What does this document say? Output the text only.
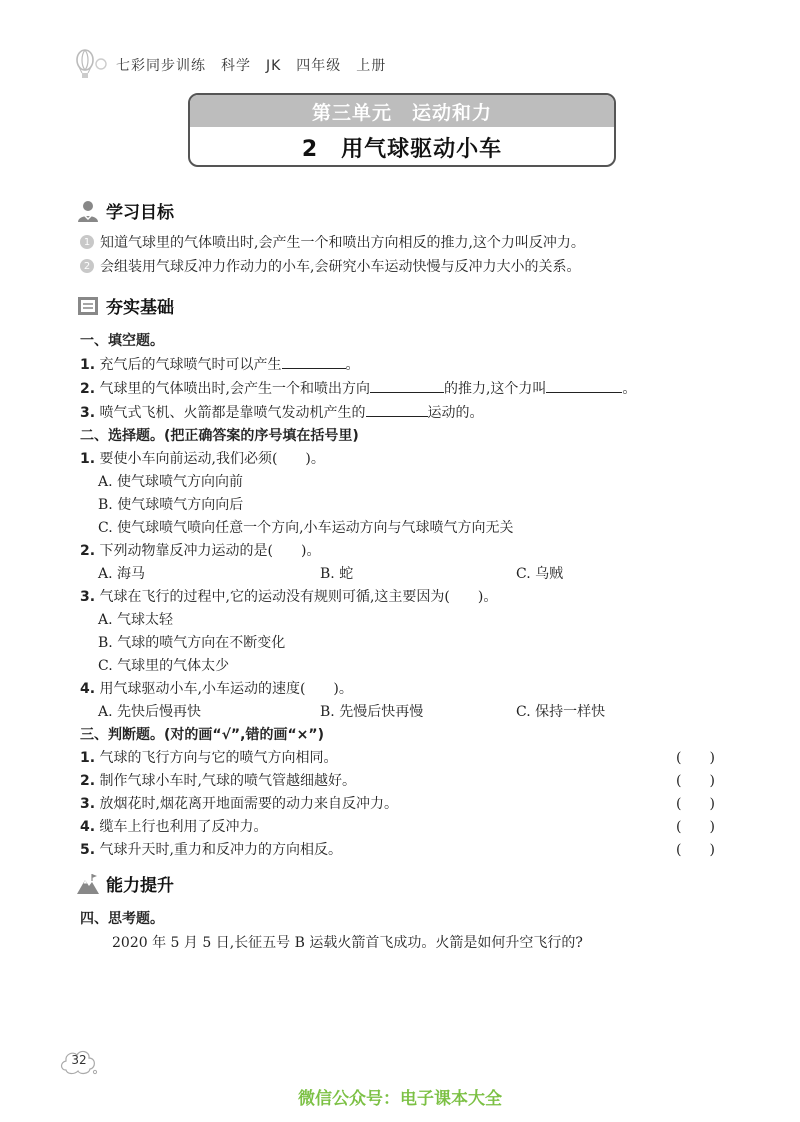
七彩同步训练　科学　JK　四年级　上册
第三单元　运动和力
2　用气球驱动小车
学习目标
1 知道气球里的气体喷出时,会产生一个和喷出方向相反的推力,这个力叫反冲力。
2 会组装用气球反冲力作动力的小车,会研究小车运动快慢与反冲力大小的关系。
夯实基础
一、填空题。
1. 充气后的气球喷气时可以产生	。
2. 气球里的气体喷出时,会产生一个和喷出方向	的推力,这个力叫	。
3. 喷气式飞机、火箭都是靠喷气发动机产生的	运动的。
二、选择题。(把正确答案的序号填在括号里)
1. 要使小车向前运动,我们必须(　　)。
A. 使气球喷气方向向前
B. 使气球喷气方向向后
C. 使气球喷气喷向任意一个方向,小车运动方向与气球喷气方向无关
2. 下列动物靠反冲力运动的是(　　)。
A. 海马	B. 蛇	C. 乌贼
3. 气球在飞行的过程中,它的运动没有规则可循,这主要因为(　　)。
A. 气球太轻
B. 气球的喷气方向在不断变化
C. 气球里的气体太少
4. 用气球驱动小车,小车运动的速度(　　)。
A. 先快后慢再快	B. 先慢后快再慢	C. 保持一样快
三、判断题。(对的画“√”,错的画“×”)
1. 气球的飞行方向与它的喷气方向相同。	(　　)
2. 制作气球小车时,气球的喷气管越细越好。	(　　)
3. 放烟花时,烟花离开地面需要的动力来自反冲力。	(　　)
4. 缆车上行也利用了反冲力。	(　　)
5. 气球升天时,重力和反冲力的方向相反。	(　　)
能力提升
四、思考题。
2020 年 5 月 5 日,长征五号 B 运载火箭首飞成功。火箭是如何升空飞行的?
32
微信公众号：电子课本大全
